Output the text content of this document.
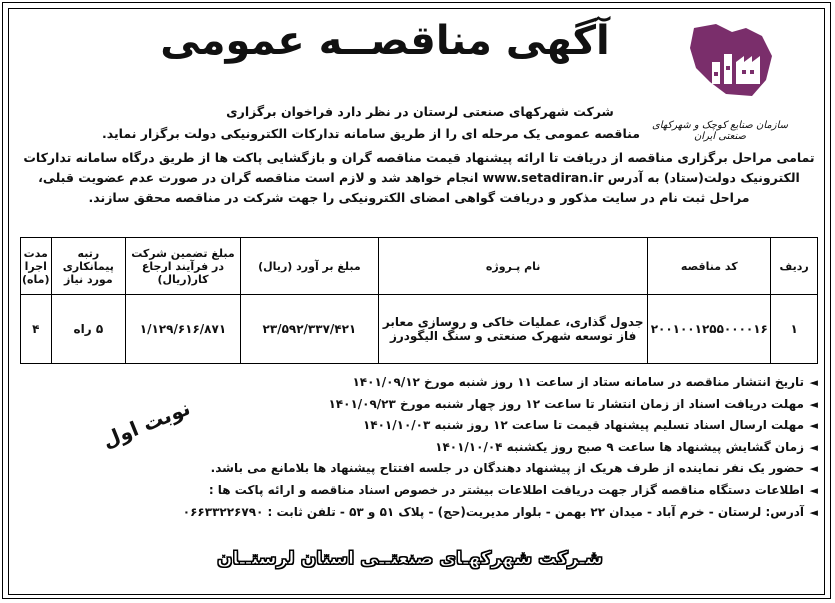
سازمان صنایع کوچک و شهرکهای صنعتی ایران
آگهی مناقصــه عمومی
شرکت شهرکهای صنعتی لرستان در نظر دارد فراخوان برگزاری
مناقصه عمومی یک مرحله ای را از طریق سامانه تدارکات الکترونیکی دولت برگزار نماید.
تمامی مراحل برگزاری مناقصه از دریافت تا ارائه پیشنهاد قیمت مناقصه گران و بازگشایی پاکت ها از طریق درگاه سامانه تدارکات
الکترونیک دولت(ستاد) به آدرس www.setadiran.ir انجام خواهد شد و لازم است مناقصه گران در صورت عدم عضویت قبلی،
مراحل ثبت نام در سایت مذکور و دریافت گواهی امضای الکترونیکی را جهت شرکت در مناقصه محقق سازند.
ردیف	کد مناقصه	نام پـروژه	مبلغ بر آورد (ریال)	مبلغ تضمین شرکت در فرآیند ارجاع کار(ریال)	رتبه پیمانکاری مورد نیاز	مدت اجرا (ماه)
۱	۲۰۰۱۰۰۱۲۵۵۰۰۰۰۱۶	جدول گذاری، عملیات خاکی و روسازی معابر
فاز توسعه شهرک صنعتی و سنگ الیگودرز	۲۳/۵۹۲/۳۳۷/۴۲۱	۱/۱۲۹/۶۱۶/۸۷۱	۵ راه	۴
◄تاریخ انتشار مناقصه در سامانه ستاد از ساعت ۱۱ روز شنبه مورخ ۱۴۰۱/۰۹/۱۲
◄مهلت دریافت اسناد از زمان انتشار تا ساعت ۱۲ روز چهار شنبه مورخ ۱۴۰۱/۰۹/۲۳
◄مهلت ارسال اسناد تسلیم پیشنهاد قیمت تا ساعت ۱۲ روز شنبه ۱۴۰۱/۱۰/۰۳
◄زمان گشایش پیشنهاد ها ساعت ۹ صبح روز یکشنبه ۱۴۰۱/۱۰/۰۴
◄حضور یک نفر نماینده از طرف هریک از پیشنهاد دهندگان در جلسه افتتاح پیشنهاد ها بلامانع می باشد.
◄اطلاعات دستگاه مناقصه گزار جهت دریافت اطلاعات بیشتر در خصوص اسناد مناقصه و ارائه پاکت ها :
◄آدرس: لرستان - خرم آباد - میدان ۲۲ بهمن - بلوار مدیریت(حج) - پلاک ۵۱ و ۵۳ - تلفن ثابت : ۰۶۶۳۳۲۲۶۷۹۰
نوبت اول
شـرکت شهرکهـای صنعتــی استان لرستــان
